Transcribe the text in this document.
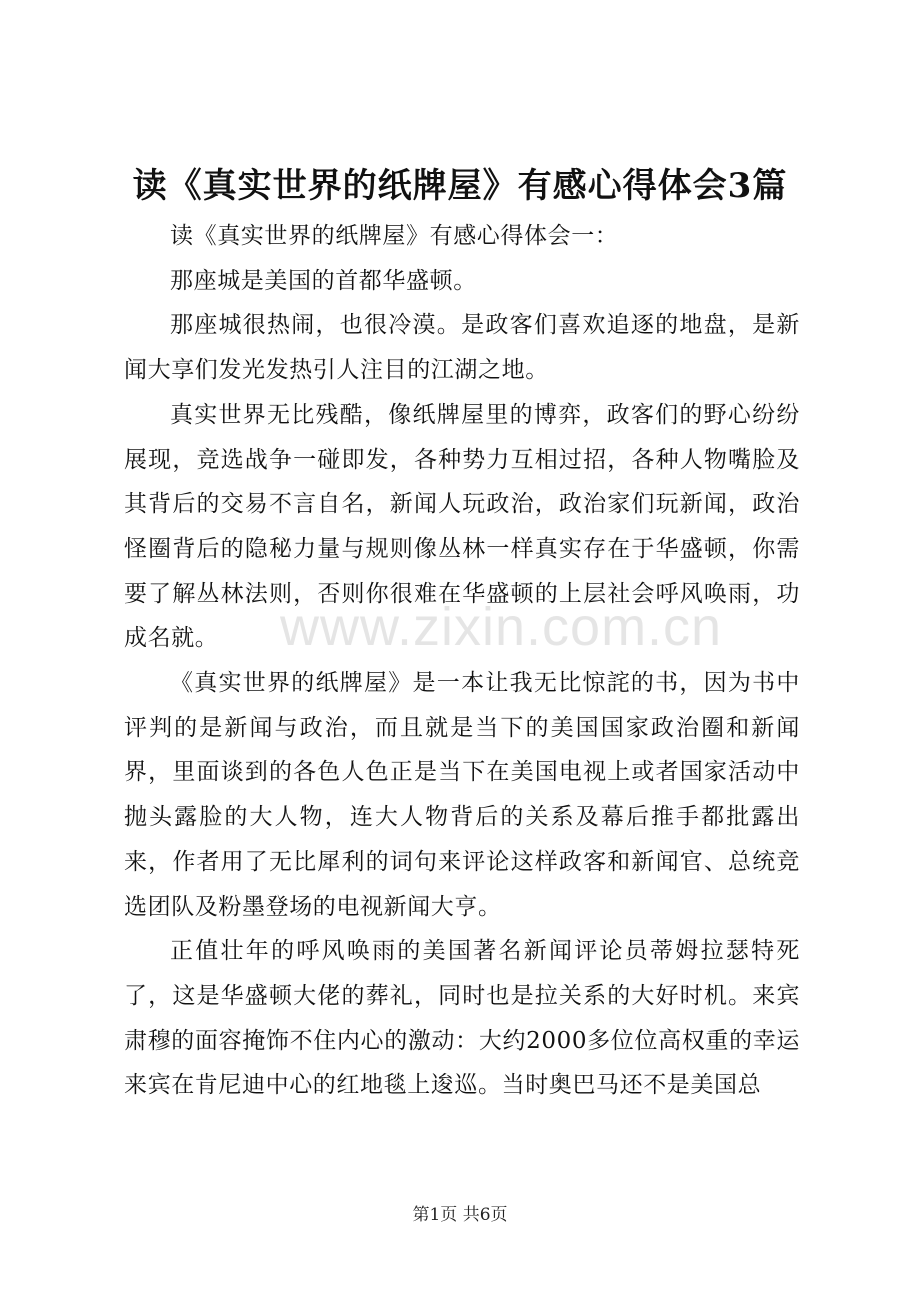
读《真实世界的纸牌屋》有感心得体会3篇

读《真实世界的纸牌屋》有感心得体会一：

那座城是美国的首都华盛顿。

那座城很热闹，也很冷漠。是政客们喜欢追逐的地盘，是新闻大享们发光发热引人注目的江湖之地。

真实世界无比残酷，像纸牌屋里的博弈，政客们的野心纷纷展现，竞选战争一碰即发，各种势力互相过招，各种人物嘴脸及其背后的交易不言自名，新闻人玩政治，政治家们玩新闻，政治怪圈背后的隐秘力量与规则像丛林一样真实存在于华盛顿，你需要了解丛林法则，否则你很难在华盛顿的上层社会呼风唤雨，功成名就。

《真实世界的纸牌屋》是一本让我无比惊詫的书，因为书中评判的是新闻与政治，而且就是当下的美国国家政治圈和新闻界，里面谈到的各色人色正是当下在美国电视上或者国家活动中抛头露脸的大人物，连大人物背后的关系及幕后推手都批露出来，作者用了无比犀利的词句来评论这样政客和新闻官、总统竞选团队及粉墨登场的电视新闻大亨。

正值壮年的呼风唤雨的美国著名新闻评论员蒂姆拉瑟特死了，这是华盛顿大佬的葬礼，同时也是拉关系的大好时机。来宾肃穆的面容掩饰不住内心的激动：大约2000多位位高权重的幸运来宾在肯尼迪中心的红地毯上逡巡。当时奥巴马还不是美国总

www.zixin.com.cn
第1页 共6页
